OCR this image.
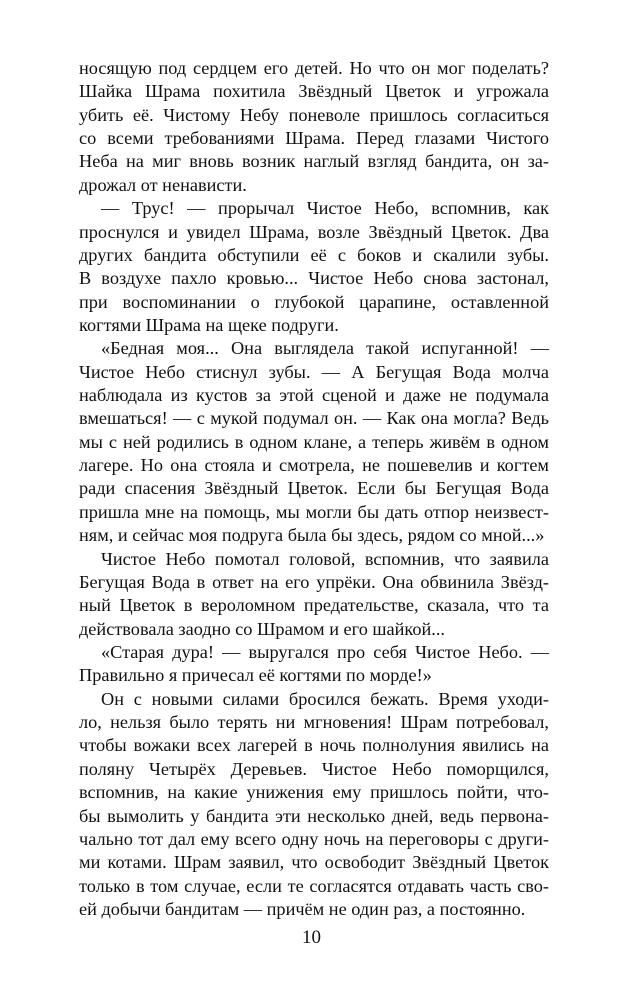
носящую под сердцем его детей. Но что он мог поделать?
Шайка Шрама похитила Звёздный Цветок и угрожала
убить её. Чистому Небу поневоле пришлось согласиться
со всеми требованиями Шрама. Перед глазами Чистого
Неба на миг вновь возник наглый взгляд бандита, он за-
дрожал от ненависти.
— Трус! — прорычал Чистое Небо, вспомнив, как
проснулся и увидел Шрама, возле Звёздный Цветок. Два
других бандита обступили её с боков и скалили зубы.
В воздухе пахло кровью... Чистое Небо снова застонал,
при воспоминании о глубокой царапине, оставленной
когтями Шрама на щеке подруги.
«Бедная моя... Она выглядела такой испуганной! —
Чистое Небо стиснул зубы. — А Бегущая Вода молча
наблюдала из кустов за этой сценой и даже не подумала
вмешаться! — с мукой подумал он. — Как она могла? Ведь
мы с ней родились в одном клане, а теперь живём в одном
лагере. Но она стояла и смотрела, не пошевелив и когтем
ради спасения Звёздный Цветок. Если бы Бегущая Вода
пришла мне на помощь, мы могли бы дать отпор неизвест-
ням, и сейчас моя подруга была бы здесь, рядом со мной...»
Чистое Небо помотал головой, вспомнив, что заявила
Бегущая Вода в ответ на его упрёки. Она обвинила Звёзд-
ный Цветок в вероломном предательстве, сказала, что та
действовала заодно со Шрамом и его шайкой...
«Старая дура! — выругался про себя Чистое Небо. —
Правильно я причесал её когтями по морде!»
Он с новыми силами бросился бежать. Время уходи-
ло, нельзя было терять ни мгновения! Шрам потребовал,
чтобы вожаки всех лагерей в ночь полнолуния явились на
поляну Четырёх Деревьев. Чистое Небо поморщился,
вспомнив, на какие унижения ему пришлось пойти, что-
бы вымолить у бандита эти несколько дней, ведь первона-
чально тот дал ему всего одну ночь на переговоры с други-
ми котами. Шрам заявил, что освободит Звёздный Цветок
только в том случае, если те согласятся отдавать часть сво-
ей добычи бандитам — причём не один раз, а постоянно.
10
